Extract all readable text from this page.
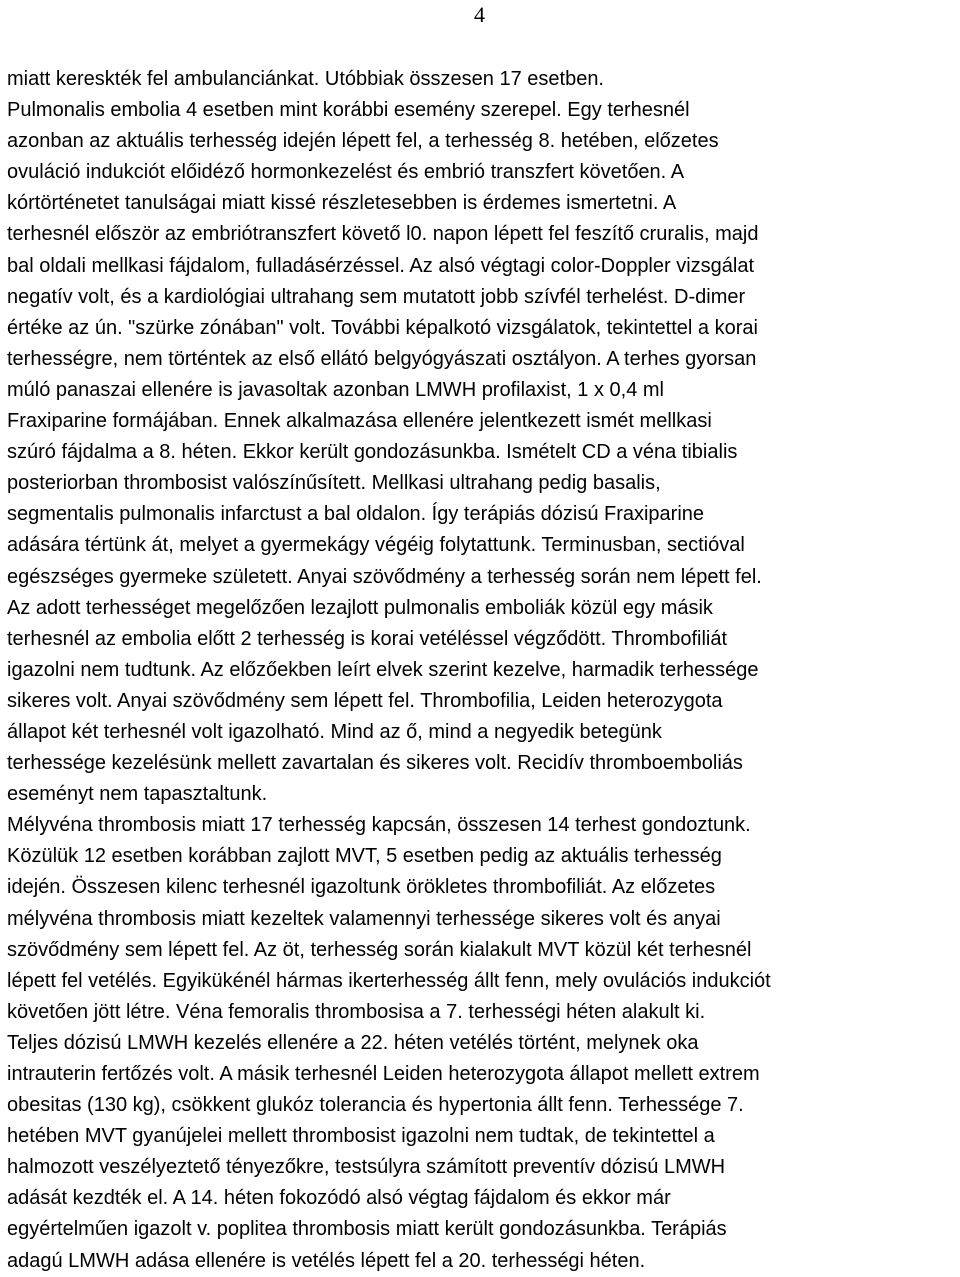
4
miatt kereskték fel ambulanciánkat. Utóbbiak összesen 17 esetben.
Pulmonalis embolia 4 esetben mint korábbi esemény szerepel. Egy terhesnél
azonban az aktuális terhesség idején lépett fel, a terhesség 8. hetében, előzetes
ovuláció indukciót előidéző hormonkezelést és embrió transzfert követően. A
kórtörténetet tanulságai miatt kissé részletesebben is érdemes ismertetni. A
terhesnél először az embriótranszfert követő l0. napon lépett fel feszítő cruralis, majd
bal oldali mellkasi fájdalom, fulladásérzéssel. Az alsó végtagi color-Doppler vizsgálat
negatív volt, és a kardiológiai ultrahang sem mutatott jobb szívfél terhelést. D-dimer
értéke az ún. "szürke zónában" volt. További képalkotó vizsgálatok, tekintettel a korai
terhességre, nem történtek az első ellátó belgyógyászati osztályon. A terhes gyorsan
múló panaszai ellenére is javasoltak azonban LMWH profilaxist, 1 x 0,4 ml
Fraxiparine formájában. Ennek alkalmazása ellenére jelentkezett ismét mellkasi
szúró fájdalma a 8. héten. Ekkor került gondozásunkba. Ismételt CD a véna tibialis
posteriorban thrombosist valószínűsített. Mellkasi ultrahang pedig basalis,
segmentalis pulmonalis infarctust a bal oldalon. Így terápiás dózisú Fraxiparine
adására tértünk át, melyet a gyermekágy végéig folytattunk. Terminusban, sectióval
egészséges gyermeke született. Anyai szövődmény a terhesség során nem lépett fel.
Az adott terhességet megelőzően lezajlott pulmonalis emboliák közül egy másik
terhesnél az embolia előtt 2 terhesség is korai vetéléssel végződött. Thrombofiliát
igazolni nem tudtunk. Az előzőekben leírt elvek szerint kezelve, harmadik terhessége
sikeres volt. Anyai szövődmény sem lépett fel. Thrombofilia, Leiden heterozygota
állapot két terhesnél volt igazolható. Mind az ő, mind a negyedik betegünk
terhessége kezelésünk mellett zavartalan és sikeres volt. Recidív thromboemboliás
eseményt nem tapasztaltunk.
Mélyvéna thrombosis miatt 17 terhesség kapcsán, összesen 14 terhest gondoztunk.
Közülük 12 esetben korábban zajlott MVT, 5 esetben pedig az aktuális terhesség
idején. Összesen kilenc terhesnél igazoltunk örökletes thrombofiliát. Az előzetes
mélyvéna thrombosis miatt kezeltek valamennyi terhessége sikeres volt és anyai
szövődmény sem lépett fel. Az öt, terhesség során kialakult MVT közül két terhesnél
lépett fel vetélés. Egyikükénél hármas ikerterhesség állt fenn, mely ovulációs indukciót
követően jött létre. Véna femoralis thrombosisa a 7. terhességi héten alakult ki.
Teljes dózisú LMWH kezelés ellenére a 22. héten vetélés történt, melynek oka
intrauterin fertőzés volt. A másik terhesnél Leiden heterozygota állapot mellett extrem
obesitas (130 kg), csökkent glukóz tolerancia és hypertonia állt fenn. Terhessége 7.
hetében MVT gyanújelei mellett thrombosist igazolni nem tudtak, de tekintettel a
halmozott veszélyeztető tényezőkre, testsúlyra számított preventív dózisú LMWH
adását kezdték el. A 14. héten fokozódó alsó végtag fájdalom és ekkor már
egyértelműen igazolt v. poplitea thrombosis miatt került gondozásunkba. Terápiás
adagú LMWH adása ellenére is vetélés lépett fel a 20. terhességi héten.
